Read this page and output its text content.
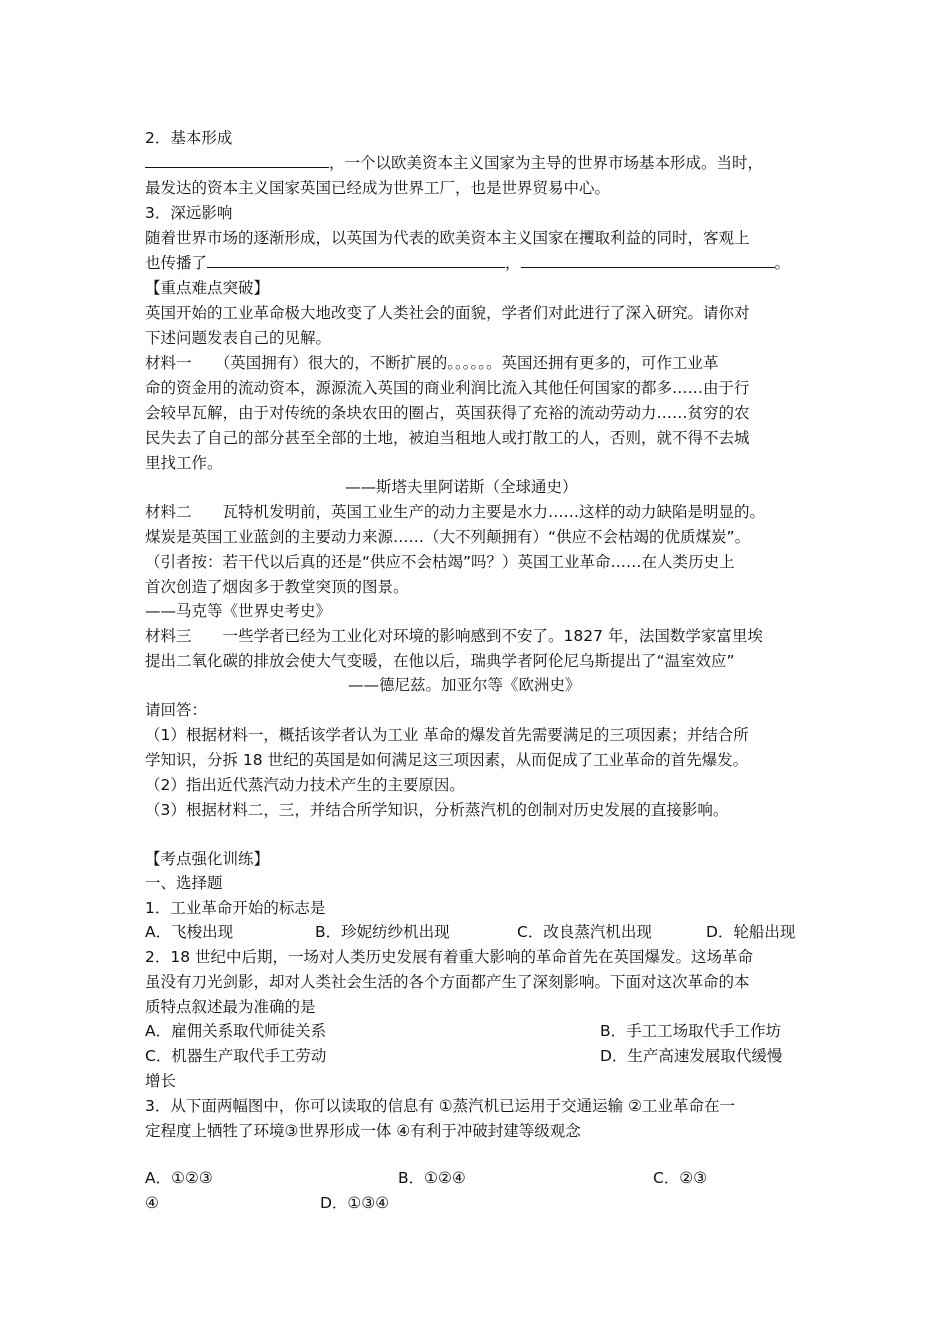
2．基本形成
，一个以欧美资本主义国家为主导的世界市场基本形成。当时，
最发达的资本主义国家英国已经成为世界工厂，也是世界贸易中心。
3．深远影响
随着世界市场的逐渐形成，以英国为代表的欧美资本主义国家在攫取利益的同时，客观上
也传播了	，	。
【重点难点突破】
英国开始的工业革命极大地改变了人类社会的面貌，学者们对此进行了深入研究。请你对
下述问题发表自己的见解。
材料一　　（英国拥有）很大的，不断扩展的。。。。。。英国还拥有更多的，可作工业革
命的资金用的流动资本，源源流入英国的商业利润比流入其他任何国家的都多……由于行
会较早瓦解，由于对传统的条块农田的圈占，英国获得了充裕的流动劳动力……贫穷的农
民失去了自己的部分甚至全部的土地，被迫当租地人或打散工的人，否则，就不得不去城
里找工作。
——斯塔夫里阿诺斯（全球通史）
材料二　　瓦特机发明前，英国工业生产的动力主要是水力……这样的动力缺陷是明显的。
煤炭是英国工业蓝剑的主要动力来源……（大不列颠拥有）“供应不会枯竭的优质煤炭”。
（引者按：若干代以后真的还是“供应不会枯竭”吗？）英国工业革命……在人类历史上
首次创造了烟囱多于教堂突顶的图景。
——马克等《世界史考史》
材料三　　一些学者已经为工业化对环境的影响感到不安了。1827 年，法国数学家富里埃
提出二氧化碳的排放会使大气变暖，在他以后，瑞典学者阿伦尼乌斯提出了“温室效应”
——德尼兹。加亚尔等《欧洲史》
请回答：
（1）根据材料一，概括该学者认为工业 革命的爆发首先需要满足的三项因素；并结合所
学知识，分拆 18 世纪的英国是如何满足这三项因素，从而促成了工业革命的首先爆发。
（2）指出近代蒸汽动力技术产生的主要原因。
（3）根据材料二，三，并结合所学知识，分析蒸汽机的创制对历史发展的直接影响。
【考点强化训练】
一、选择题
1．工业革命开始的标志是
A．飞梭出现	B．珍妮纺纱机出现	C．改良蒸汽机出现	D．轮船出现
2．18 世纪中后期，一场对人类历史发展有着重大影响的革命首先在英国爆发。这场革命
虽没有刀光剑影，却对人类社会生活的各个方面都产生了深刻影响。下面对这次革命的本
质特点叙述最为准确的是
A．雇佣关系取代师徒关系	B．手工工场取代手工作坊
C．机器生产取代手工劳动	D．生产高速发展取代缓慢
增长
3．从下面两幅图中，你可以读取的信息有 ①蒸汽机已运用于交通运输 ②工业革命在一
定程度上牺牲了环境③世界形成一体 ④有利于冲破封建等级观念
A．①②③	B．①②④	C．②③
④	D．①③④
